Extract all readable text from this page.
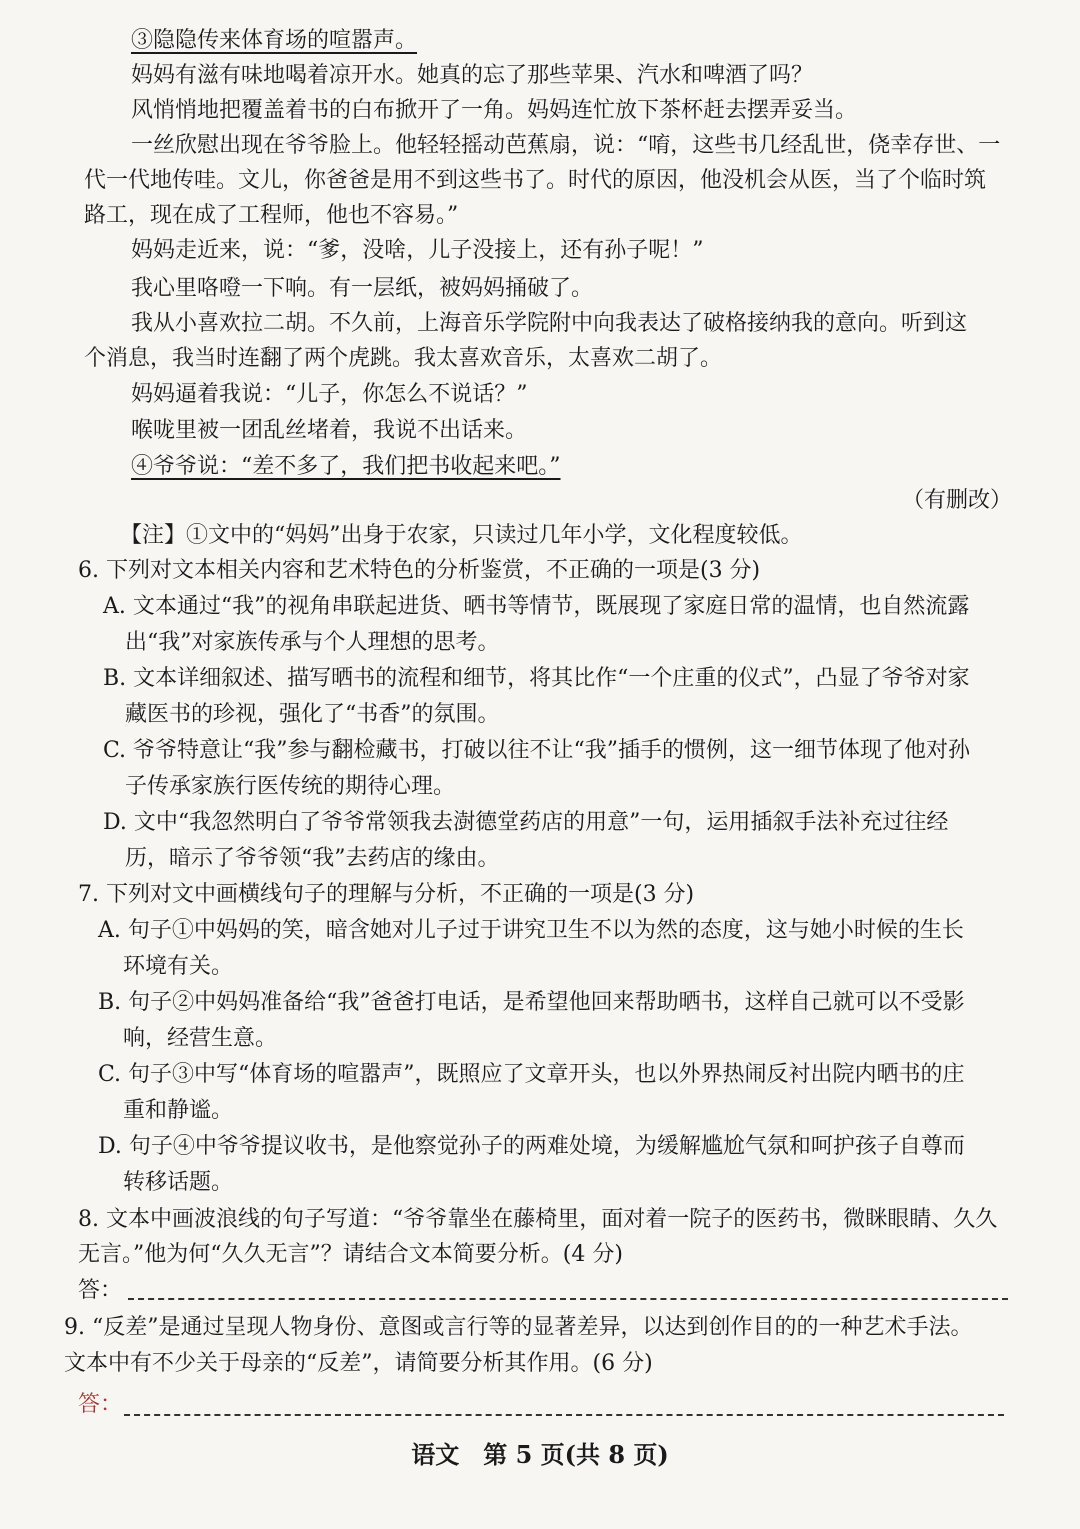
③隐隐传来体育场的喧嚣声。
妈妈有滋有味地喝着凉开水。她真的忘了那些苹果、汽水和啤酒了吗？
风悄悄地把覆盖着书的白布掀开了一角。妈妈连忙放下茶杯赶去摆弄妥当。
一丝欣慰出现在爷爷脸上。他轻轻摇动芭蕉扇，说：“唷，这些书几经乱世，侥幸存世、一
代一代地传哇。文儿，你爸爸是用不到这些书了。时代的原因，他没机会从医，当了个临时筑
路工，现在成了工程师，他也不容易。”
妈妈走近来，说：“爹，没啥，儿子没接上，还有孙子呢！”
我心里咯噔一下响。有一层纸，被妈妈捅破了。
我从小喜欢拉二胡。不久前，上海音乐学院附中向我表达了破格接纳我的意向。听到这
个消息，我当时连翻了两个虎跳。我太喜欢音乐，太喜欢二胡了。
妈妈逼着我说：“儿子，你怎么不说话？”
喉咙里被一团乱丝堵着，我说不出话来。
④爷爷说：“差不多了，我们把书收起来吧。”
（有删改）
【注】①文中的“妈妈”出身于农家，只读过几年小学，文化程度较低。
6. 下列对文本相关内容和艺术特色的分析鉴赏，不正确的一项是(3 分)
A. 文本通过“我”的视角串联起进货、晒书等情节，既展现了家庭日常的温情，也自然流露
出“我”对家族传承与个人理想的思考。
B. 文本详细叙述、描写晒书的流程和细节，将其比作“一个庄重的仪式”，凸显了爷爷对家
藏医书的珍视，强化了“书香”的氛围。
C. 爷爷特意让“我”参与翻检藏书，打破以往不让“我”插手的惯例，这一细节体现了他对孙
子传承家族行医传统的期待心理。
D. 文中“我忽然明白了爷爷常领我去澍德堂药店的用意”一句，运用插叙手法补充过往经
历，暗示了爷爷领“我”去药店的缘由。
7. 下列对文中画横线句子的理解与分析，不正确的一项是(3 分)
A. 句子①中妈妈的笑，暗含她对儿子过于讲究卫生不以为然的态度，这与她小时候的生长
环境有关。
B. 句子②中妈妈准备给“我”爸爸打电话，是希望他回来帮助晒书，这样自己就可以不受影
响，经营生意。
C. 句子③中写“体育场的喧嚣声”，既照应了文章开头，也以外界热闹反衬出院内晒书的庄
重和静谧。
D. 句子④中爷爷提议收书，是他察觉孙子的两难处境，为缓解尴尬气氛和呵护孩子自尊而
转移话题。
8. 文本中画波浪线的句子写道：“爷爷靠坐在藤椅里，面对着一院子的医药书，微眯眼睛、久久
无言。”他为何“久久无言”？请结合文本简要分析。(4 分)
答：
9. “反差”是通过呈现人物身份、意图或言行等的显著差异，以达到创作目的的一种艺术手法。
文本中有不少关于母亲的“反差”，请简要分析其作用。(6 分)
答：
语文　第 5 页(共 8 页)
